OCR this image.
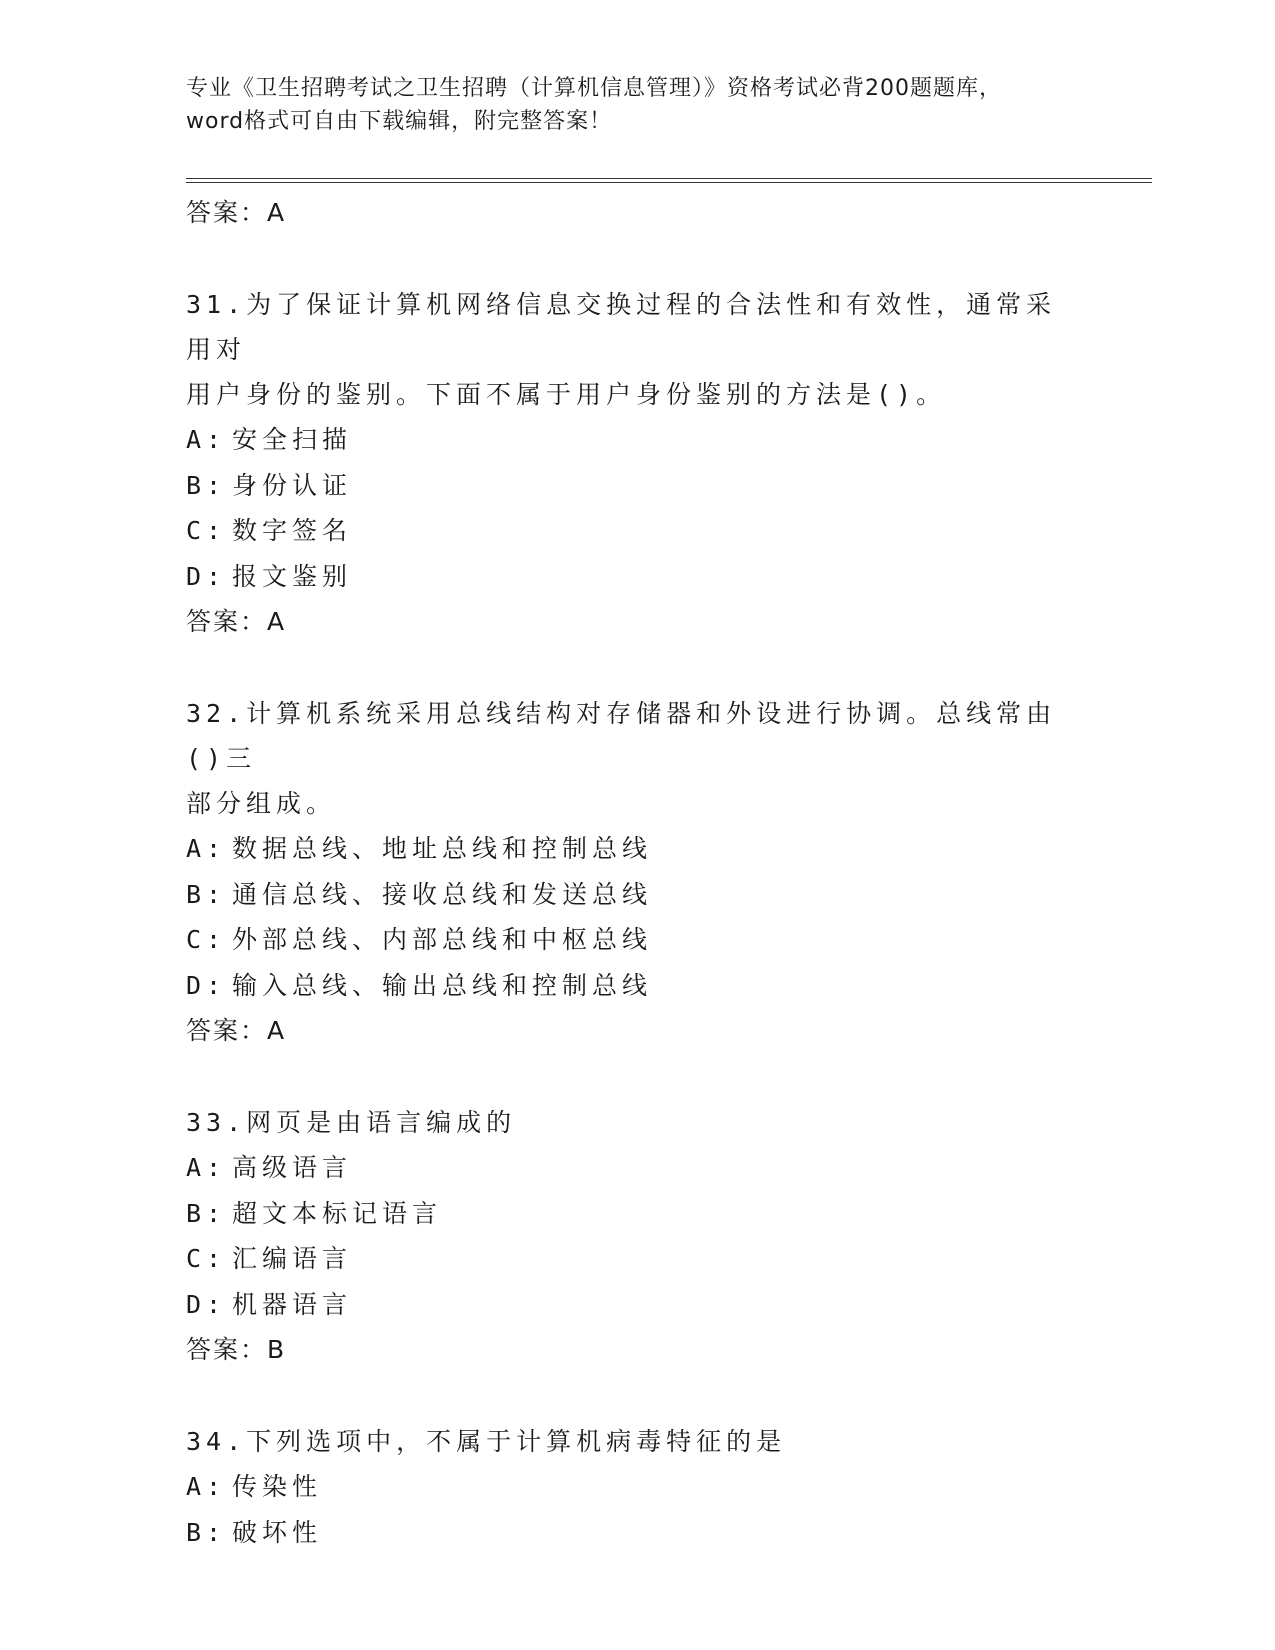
专业《卫生招聘考试之卫生招聘（计算机信息管理）》资格考试必背200题题库，
word格式可自由下载编辑，附完整答案！
答案：A
31.为了保证计算机网络信息交换过程的合法性和有效性，通常采用对
用户身份的鉴别。下面不属于用户身份鉴别的方法是()。
A: 安全扫描
B: 身份认证
C: 数字签名
D: 报文鉴别
答案：A
32.计算机系统采用总线结构对存储器和外设进行协调。总线常由()三
部分组成。
A: 数据总线、地址总线和控制总线
B: 通信总线、接收总线和发送总线
C: 外部总线、内部总线和中枢总线
D: 输入总线、输出总线和控制总线
答案：A
33.网页是由语言编成的
A: 高级语言
B: 超文本标记语言
C: 汇编语言
D: 机器语言
答案：B
34.下列选项中，不属于计算机病毒特征的是
A: 传染性
B: 破坏性
